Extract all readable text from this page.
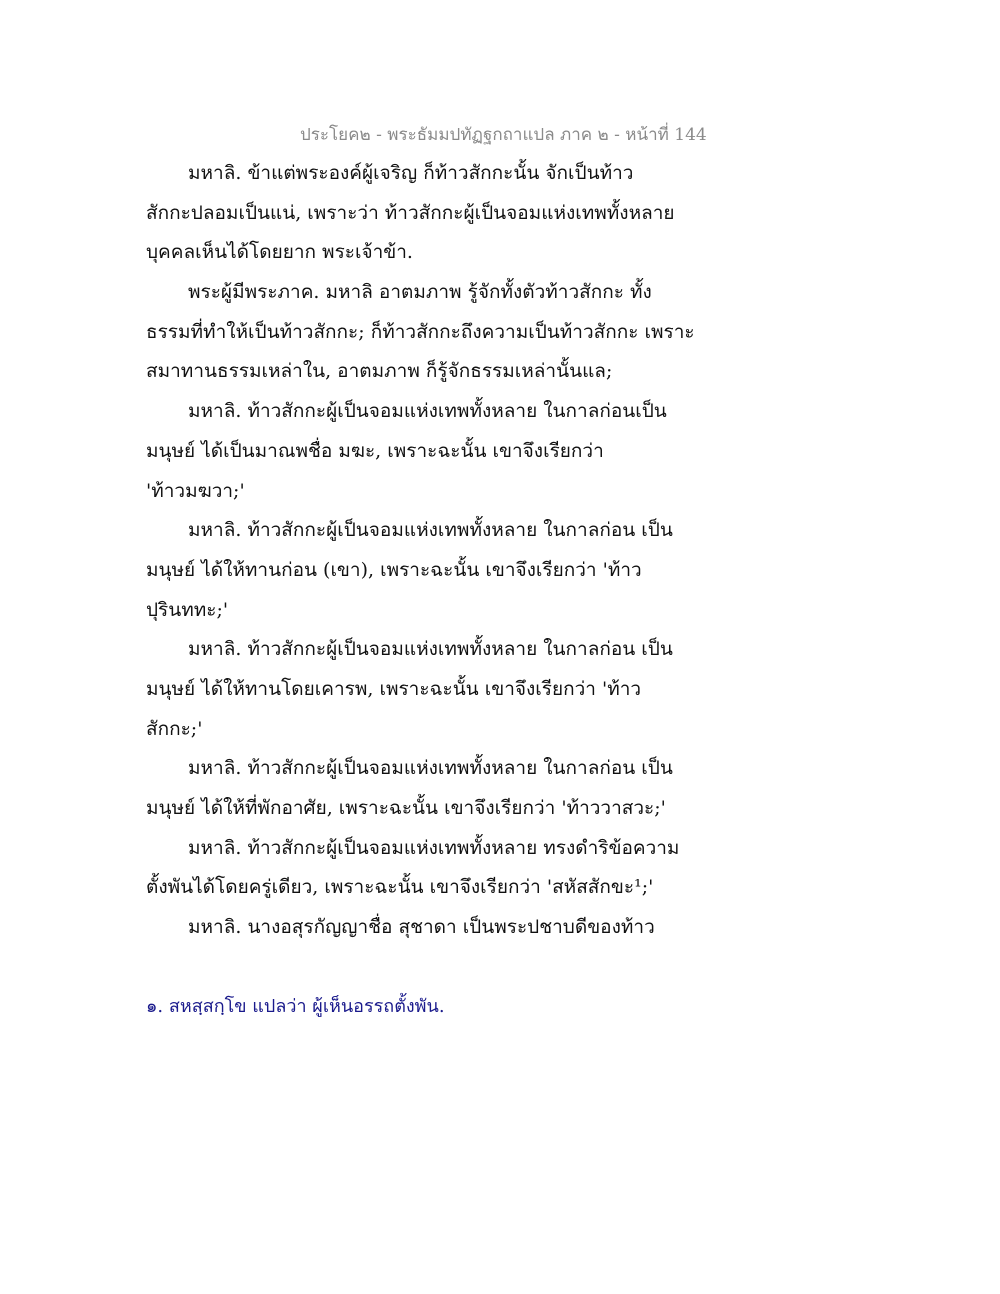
ประโยค๒ - พระธัมมปทัฏฐกถาแปล ภาค ๒ - หน้าที่ 144
มหาลิ. ข้าแต่พระองค์ผู้เจริญ ก็ท้าวสักกะนั้น จักเป็นท้าว
สักกะปลอมเป็นแน่, เพราะว่า ท้าวสักกะผู้เป็นจอมแห่งเทพทั้งหลาย
บุคคลเห็นได้โดยยาก พระเจ้าข้า.
พระผู้มีพระภาค. มหาลิ อาตมภาพ รู้จักทั้งตัวท้าวสักกะ ทั้ง
ธรรมที่ทำให้เป็นท้าวสักกะ; ก็ท้าวสักกะถึงความเป็นท้าวสักกะ เพราะ
สมาทานธรรมเหล่าใน, อาตมภาพ ก็รู้จักธรรมเหล่านั้นแล;
มหาลิ. ท้าวสักกะผู้เป็นจอมแห่งเทพทั้งหลาย ในกาลก่อนเป็น
มนุษย์ ได้เป็นมาณพชื่อ มฆะ, เพราะฉะนั้น เขาจึงเรียกว่า
'ท้าวมฆวา;'
มหาลิ. ท้าวสักกะผู้เป็นจอมแห่งเทพทั้งหลาย ในกาลก่อน เป็น
มนุษย์ ได้ให้ทานก่อน (เขา), เพราะฉะนั้น เขาจึงเรียกว่า 'ท้าว
ปุรินททะ;'
มหาลิ. ท้าวสักกะผู้เป็นจอมแห่งเทพทั้งหลาย ในกาลก่อน เป็น
มนุษย์ ได้ให้ทานโดยเคารพ, เพราะฉะนั้น เขาจึงเรียกว่า 'ท้าว
สักกะ;'
มหาลิ. ท้าวสักกะผู้เป็นจอมแห่งเทพทั้งหลาย ในกาลก่อน เป็น
มนุษย์ ได้ให้ที่พักอาศัย, เพราะฉะนั้น เขาจึงเรียกว่า 'ท้าววาสวะ;'
มหาลิ. ท้าวสักกะผู้เป็นจอมแห่งเทพทั้งหลาย ทรงดำริข้อความ
ตั้งพันได้โดยครู่เดียว, เพราะฉะนั้น เขาจึงเรียกว่า 'สหัสสักขะ¹;'
มหาลิ. นางอสุรกัญญาชื่อ สุชาดา เป็นพระปชาบดีของท้าว
๑. สหสฺสกฺโข แปลว่า ผู้เห็นอรรถตั้งพัน.
